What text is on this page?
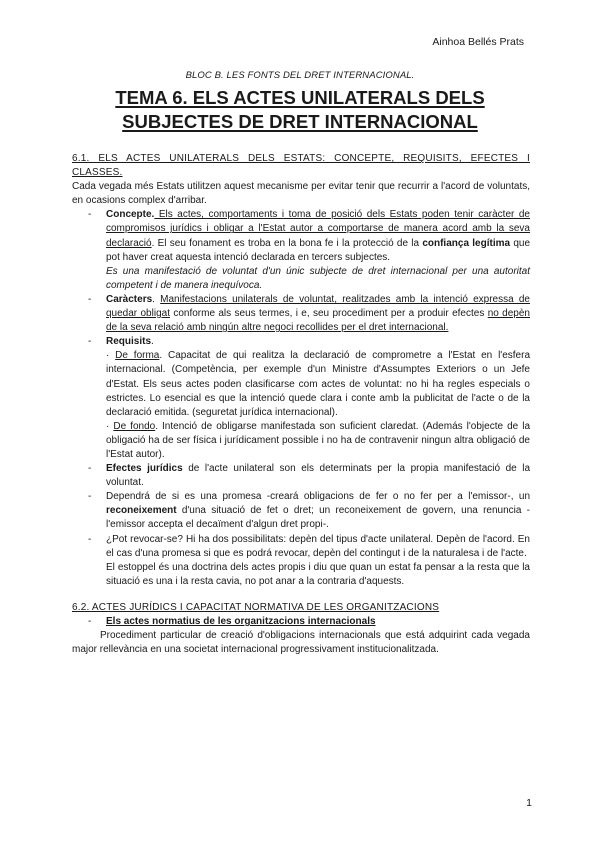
Ainhoa Bellés Prats
BLOC B. LES FONTS DEL DRET INTERNACIONAL.
TEMA 6. ELS ACTES UNILATERALS DELS
SUBJECTES DE DRET INTERNACIONAL

6.1. ELS ACTES UNILATERALS DELS ESTATS: CONCEPTE, REQUISITS, EFECTES I CLASSES.

Cada vegada més Estats utilitzen aquest mecanisme per evitar tenir que recurrir a l'acord de voluntats, en ocasions complex d'arribar.

- Concepte. Els actes, comportaments i toma de posició dels Estats poden tenir caràcter de compromisos jurídics i obligar a l'Estat autor a comportarse de manera acord amb la seva declaració. El seu fonament es troba en la bona fe i la protecció de la confiança legítima que pot haver creat aquesta intenció declarada en tercers subjectes.

Es una manifestació de voluntat d'un únic subjecte de dret internacional per una autoritat competent i de manera inequívoca.

- Caràcters. Manifestacions unilaterals de voluntat, realitzades amb la intenció expressa de quedar obligat conforme als seus termes, i e, seu procediment per a produir efectes no depèn de la seva relació amb ningún altre negoci recollides per el dret internacional.
- Requisits.

· De forma. Capacitat de qui realitza la declaració de comprometre a l'Estat en l'esfera internacional. (Competència, per exemple d'un Ministre d'Assumptes Exteriors o un Jefe d'Estat. Els seus actes poden clasificarse com actes de voluntat: no hi ha regles especials o estrictes. Lo esencial es que la intenció quede clara i conte amb la publicitat de l'acte o de la declaració emitida. (seguretat jurídica internacional).

· De fondo. Intenció de obligarse manifestada son suficient claredat. (Además l'objecte de la obligació ha de ser física i jurídicament possible i no ha de contravenir ningun altra obligació de l'Estat autor).

- Efectes jurídics de l'acte unilateral son els determinats per la propia manifestació de la voluntat.
- Dependrá de si es una promesa -creará obligacions de fer o no fer per a l'emissor-, un reconeixement d'una situació de fet o dret; un reconeixement de govern, una renuncia -l'emissor accepta el decaïment d'algun dret propi-.
- ¿Pot revocar-se? Hi ha dos possibilitats: depèn del tipus d'acte unilateral. Depèn de l'acord. En el cas d'una promesa si que es podrá revocar, depèn del contingut i de la naturalesa i de l'acte.

El estoppel és una doctrina dels actes propis i diu que quan un estat fa pensar a la resta que la situació es una i la resta cavia, no pot anar a la contraria d'aquests.

6.2. ACTES JURÍDICS I CAPACITAT NORMATIVA DE LES ORGANITZACIONS

- Els actes normatius de les organitzacions internacionals

Procediment particular de creació d'obligacions internacionals que está adquirint cada vegada major rellevància en una societat internacional progressivament institucionalitzada.

1
